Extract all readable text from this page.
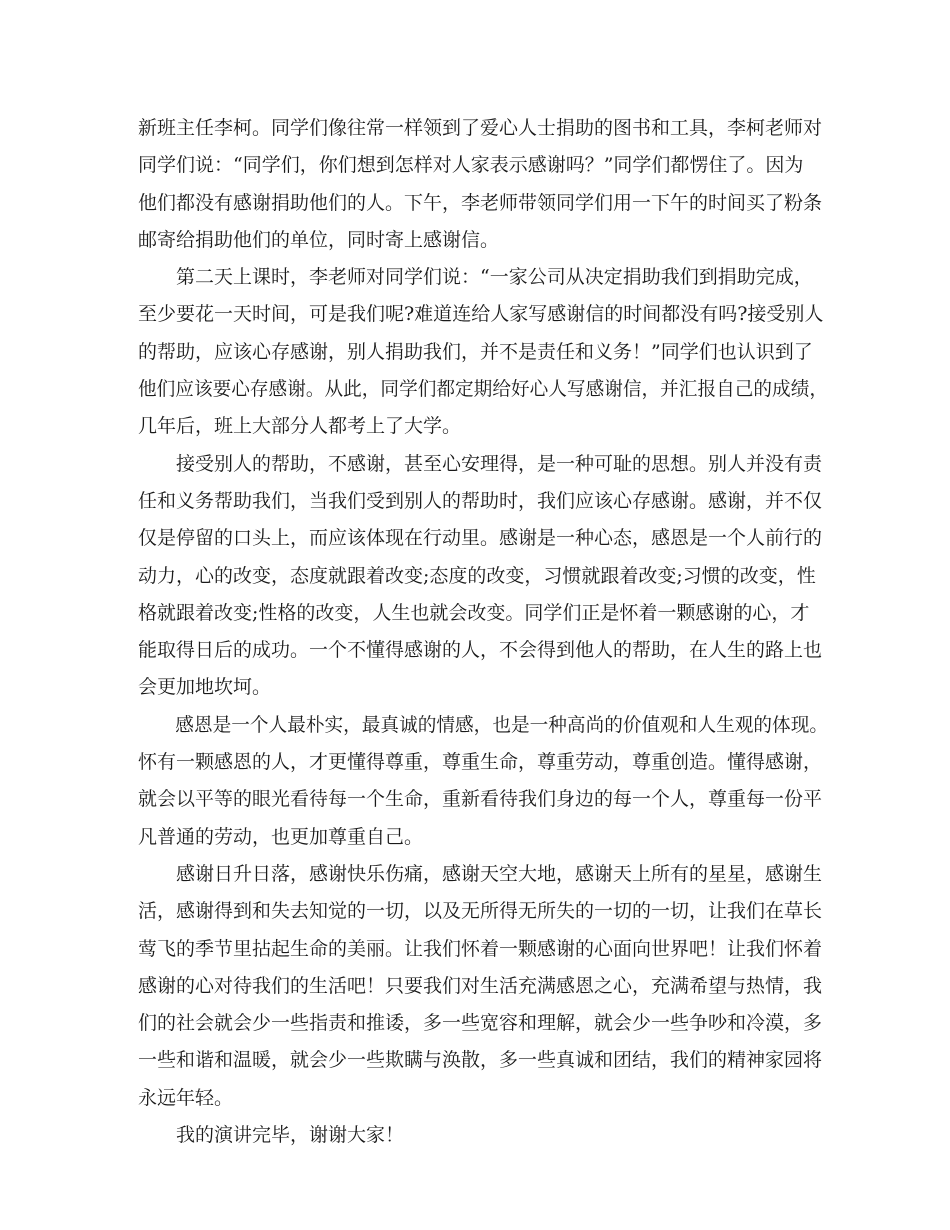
新班主任李柯。同学们像往常一样领到了爱心人士捐助的图书和工具，李柯老师对
同学们说：“同学们，你们想到怎样对人家表示感谢吗？”同学们都愣住了。因为
他们都没有感谢捐助他们的人。下午，李老师带领同学们用一下午的时间买了粉条
邮寄给捐助他们的单位，同时寄上感谢信。
第二天上课时，李老师对同学们说：“一家公司从决定捐助我们到捐助完成，
至少要花一天时间，可是我们呢?难道连给人家写感谢信的时间都没有吗?接受别人
的帮助，应该心存感谢，别人捐助我们，并不是责任和义务！”同学们也认识到了
他们应该要心存感谢。从此，同学们都定期给好心人写感谢信，并汇报自己的成绩，
几年后，班上大部分人都考上了大学。
接受别人的帮助，不感谢，甚至心安理得，是一种可耻的思想。别人并没有责
任和义务帮助我们，当我们受到别人的帮助时，我们应该心存感谢。感谢，并不仅
仅是停留的口头上，而应该体现在行动里。感谢是一种心态，感恩是一个人前行的
动力，心的改变，态度就跟着改变;态度的改变，习惯就跟着改变;习惯的改变，性
格就跟着改变;性格的改变，人生也就会改变。同学们正是怀着一颗感谢的心，才
能取得日后的成功。一个不懂得感谢的人，不会得到他人的帮助，在人生的路上也
会更加地坎坷。
感恩是一个人最朴实，最真诚的情感，也是一种高尚的价值观和人生观的体现。
怀有一颗感恩的人，才更懂得尊重，尊重生命，尊重劳动，尊重创造。懂得感谢，
就会以平等的眼光看待每一个生命，重新看待我们身边的每一个人，尊重每一份平
凡普通的劳动，也更加尊重自己。
感谢日升日落，感谢快乐伤痛，感谢天空大地，感谢天上所有的星星，感谢生
活，感谢得到和失去知觉的一切，以及无所得无所失的一切的一切，让我们在草长
莺飞的季节里拈起生命的美丽。让我们怀着一颗感谢的心面向世界吧！让我们怀着
感谢的心对待我们的生活吧！只要我们对生活充满感恩之心，充满希望与热情，我
们的社会就会少一些指责和推诿，多一些宽容和理解，就会少一些争吵和冷漠，多
一些和谐和温暖，就会少一些欺瞒与涣散，多一些真诚和团结，我们的精神家园将
永远年轻。
我的演讲完毕，谢谢大家！
